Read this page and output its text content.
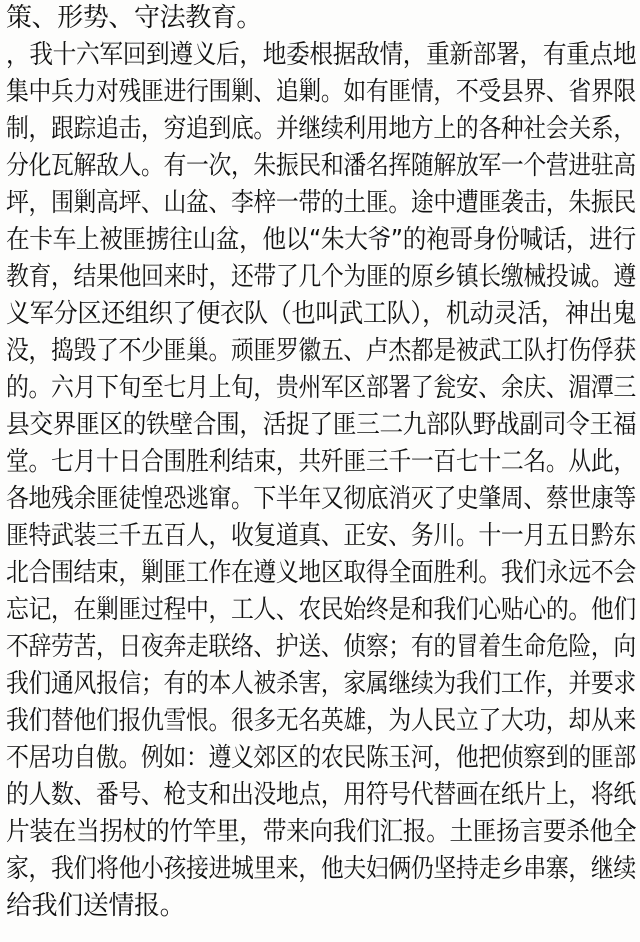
策、形势、守法教育。
，我十六军回到遵义后，地委根据敌情，重新部署，有重点地
集中兵力对残匪进行围剿、追剿。如有匪情，不受县界、省界限
制，跟踪追击，穷追到底。并继续利用地方上的各种社会关系，
分化瓦解敌人。有一次，朱振民和潘名挥随解放军一个营进驻高
坪，围剿高坪、山盆、李梓一带的土匪。途中遭匪袭击，朱振民
在卡车上被匪掳往山盆，他以“朱大爷”的袍哥身份喊话，进行
教育，结果他回来时，还带了几个为匪的原乡镇长缴械投诚。遵
义军分区还组织了便衣队（也叫武工队），机动灵活，神出鬼
没，捣毁了不少匪巢。顽匪罗徽五、卢杰都是被武工队打伤俘获
的。六月下旬至七月上旬，贵州军区部署了瓮安、余庆、湄潭三
县交界匪区的铁壁合围，活捉了匪三二九部队野战副司令王福
堂。七月十日合围胜利结束，共歼匪三千一百七十二名。从此，
各地残余匪徒惶恐逃窜。下半年又彻底消灭了史肇周、蔡世康等
匪特武装三千五百人，收复道真、正安、务川。十一月五日黔东
北合围结束，剿匪工作在遵义地区取得全面胜利。我们永远不会
忘记，在剿匪过程中，工人、农民始终是和我们心贴心的。他们
不辞劳苦，日夜奔走联络、护送、侦察；有的冒着生命危险，向
我们通风报信；有的本人被杀害，家属继续为我们工作，并要求
我们替他们报仇雪恨。很多无名英雄，为人民立了大功，却从来
不居功自傲。例如：遵义郊区的农民陈玉河，他把侦察到的匪部
的人数、番号、枪支和出没地点，用符号代替画在纸片上，将纸
片装在当拐杖的竹竿里，带来向我们汇报。土匪扬言要杀他全
家，我们将他小孩接进城里来，他夫妇俩仍坚持走乡串寨，继续
给我们送情报。
